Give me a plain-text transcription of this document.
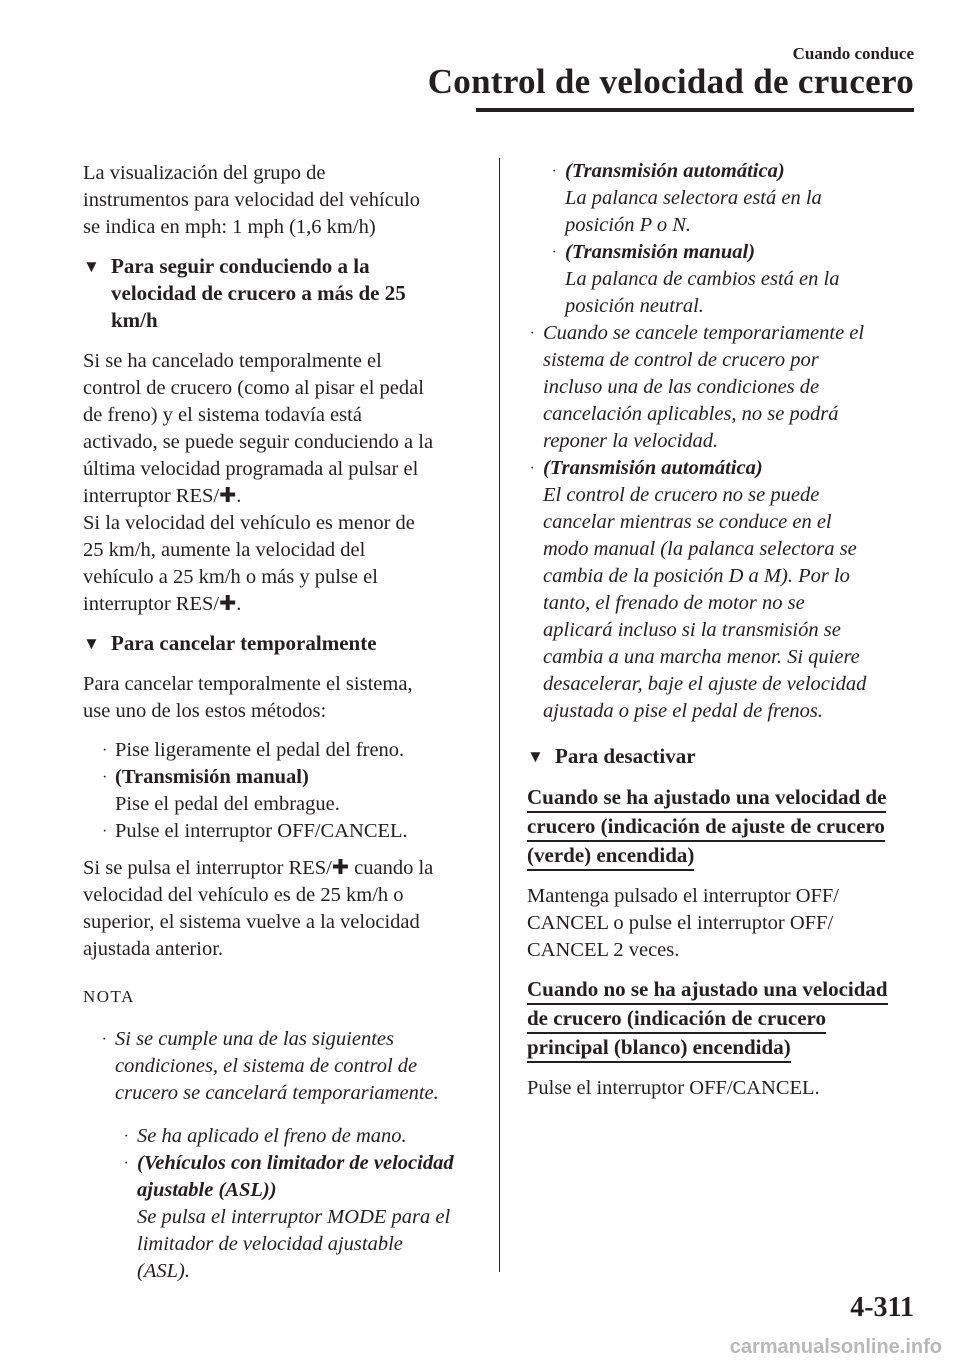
Cuando conduce
Control de velocidad de crucero

La visualización del grupo de
instrumentos para velocidad del vehículo
se indica en mph: 1 mph (1,6 km/h)

▼ Para seguir conduciendo a la
velocidad de crucero a más de 25
km/h

Si se ha cancelado temporalmente el
control de crucero (como al pisar el pedal
de freno) y el sistema todavía está
activado, se puede seguir conduciendo a la
última velocidad programada al pulsar el
interruptor RES/✚.

Si la velocidad del vehículo es menor de
25 km/h, aumente la velocidad del
vehículo a 25 km/h o más y pulse el
interruptor RES/✚.

▼ Para cancelar temporalmente

Para cancelar temporalmente el sistema,
use uno de los estos métodos:

· Pise ligeramente el pedal del freno.
· (Transmisión manual)
Pise el pedal del embrague.
· Pulse el interruptor OFF/CANCEL.

Si se pulsa el interruptor RES/✚ cuando la
velocidad del vehículo es de 25 km/h o
superior, el sistema vuelve a la velocidad
ajustada anterior.

NOTA
· Si se cumple una de las siguientes
condiciones, el sistema de control de
crucero se cancelará temporariamente.
· Se ha aplicado el freno de mano.
· (Vehículos con limitador de velocidad
ajustable (ASL))
Se pulsa el interruptor MODE para el
limitador de velocidad ajustable
(ASL).
· (Transmisión automática)
La palanca selectora está en la
posición P o N.
· (Transmisión manual)
La palanca de cambios está en la
posición neutral.
· Cuando se cancele temporariamente el
sistema de control de crucero por
incluso una de las condiciones de
cancelación aplicables, no se podrá
reponer la velocidad.
· (Transmisión automática)
El control de crucero no se puede
cancelar mientras se conduce en el
modo manual (la palanca selectora se
cambia de la posición D a M). Por lo
tanto, el frenado de motor no se
aplicará incluso si la transmisión se
cambia a una marcha menor. Si quiere
desacelerar, baje el ajuste de velocidad
ajustada o pise el pedal de frenos.
▼ Para desactivar
Cuando se ha ajustado una velocidad de
crucero (indicación de ajuste de crucero
(verde) encendida)

Mantenga pulsado el interruptor OFF/
CANCEL o pulse el interruptor OFF/
CANCEL 2 veces.

Cuando no se ha ajustado una velocidad
de crucero (indicación de crucero
principal (blanco) encendida)

Pulse el interruptor OFF/CANCEL.

4-311
carmanualsonline.info
